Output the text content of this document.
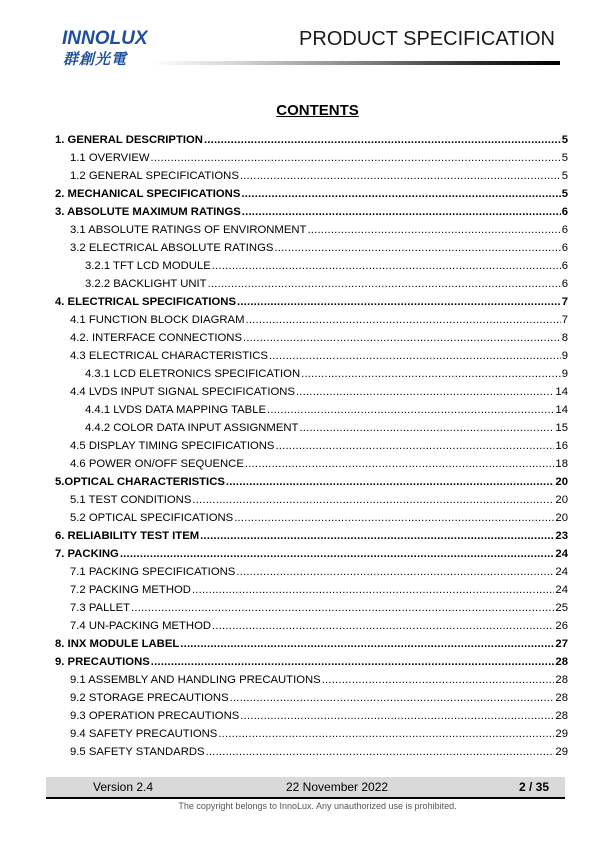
INNOLUX
群創光電
PRODUCT SPECIFICATION
CONTENTS
1. GENERAL DESCRIPTION .....	5
1.1 OVERVIEW .....	5
1.2 GENERAL SPECIFICATIONS .....	5
2. MECHANICAL SPECIFICATIONS .....	5
3. ABSOLUTE MAXIMUM RATINGS .....	6
3.1 ABSOLUTE RATINGS OF ENVIRONMENT .....	6
3.2 ELECTRICAL ABSOLUTE RATINGS .....	6
3.2.1 TFT LCD MODULE .....	6
3.2.2 BACKLIGHT UNIT .....	6
4. ELECTRICAL SPECIFICATIONS .....	7
4.1 FUNCTION BLOCK DIAGRAM .....	7
4.2. INTERFACE CONNECTIONS .....	8
4.3 ELECTRICAL CHARACTERISTICS .....	9
4.3.1 LCD ELETRONICS SPECIFICATION .....	9
4.4 LVDS INPUT SIGNAL SPECIFICATIONS .....	14
4.4.1 LVDS DATA MAPPING TABLE .....	14
4.4.2 COLOR DATA INPUT ASSIGNMENT .....	15
4.5 DISPLAY TIMING SPECIFICATIONS .....	16
4.6 POWER ON/OFF SEQUENCE .....	18
5.OPTICAL CHARACTERISTICS .....	20
5.1 TEST CONDITIONS .....	20
5.2 OPTICAL SPECIFICATIONS .....	20
6. RELIABILITY TEST ITEM .....	23
7. PACKING .....	24
7.1 PACKING SPECIFICATIONS .....	24
7.2 PACKING METHOD .....	24
7.3 PALLET .....	25
7.4 UN-PACKING METHOD .....	26
8. INX MODULE LABEL .....	27
9. PRECAUTIONS .....	28
9.1 ASSEMBLY AND HANDLING PRECAUTIONS .....	28
9.2 STORAGE PRECAUTIONS .....	28
9.3 OPERATION PRECAUTIONS .....	28
9.4 SAFETY PRECAUTIONS .....	29
9.5 SAFETY STANDARDS .....	29
Version 2.4	22 November 2022	2 / 35
The copyright belongs to InnoLux. Any unauthorized use is prohibited.
